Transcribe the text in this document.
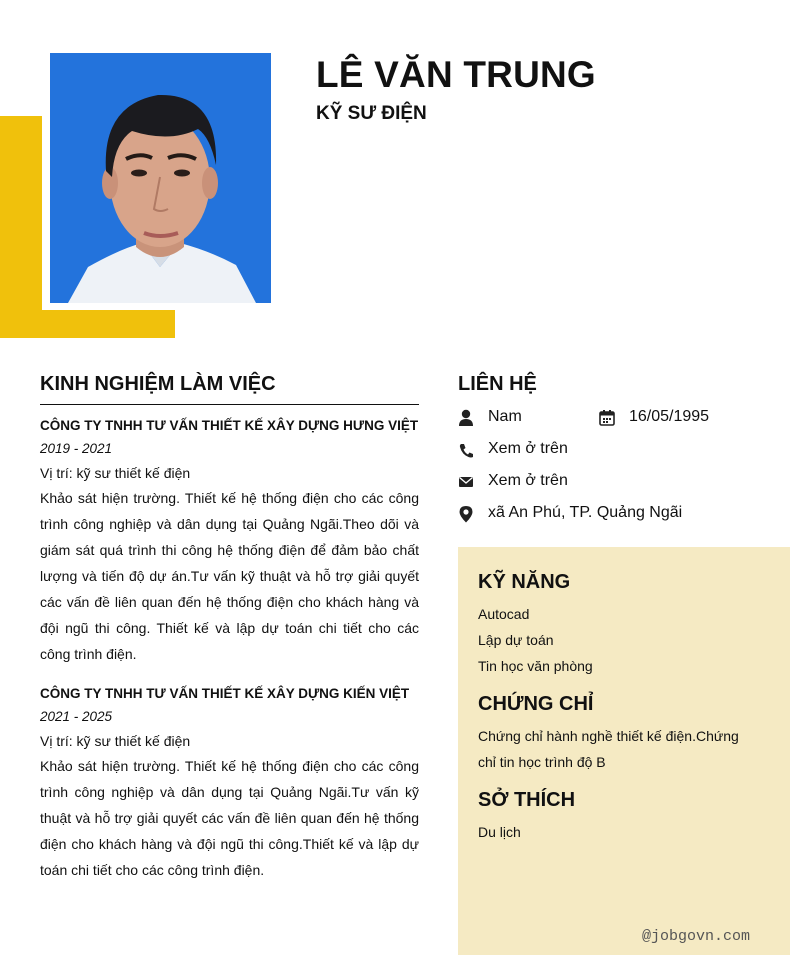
LÊ VĂN TRUNG
KỸ SƯ ĐIỆN
KINH NGHIỆM LÀM VIỆC
CÔNG TY TNHH TƯ VẤN THIẾT KẾ XÂY DỰNG HƯNG VIỆT
2019 - 2021
Vị trí: kỹ sư thiết kế điện
Khảo sát hiện trường. Thiết kế hệ thống điện cho các công trình công nghiệp và dân dụng tại Quảng Ngãi.Theo dõi và giám sát quá trình thi công hệ thống điện để đảm bảo chất lượng và tiến độ dự án.Tư vấn kỹ thuật và hỗ trợ giải quyết các vấn đề liên quan đến hệ thống điện cho khách hàng và đội ngũ thi công. Thiết kế và lập dự toán chi tiết cho các công trình điện.
CÔNG TY TNHH TƯ VẤN THIẾT KẾ XÂY DỰNG KIẾN VIỆT
2021 - 2025
Vị trí: kỹ sư thiết kế điện
Khảo sát hiện trường. Thiết kế hệ thống điện cho các công trình công nghiệp và dân dụng tại Quảng Ngãi.Tư vấn kỹ thuật và hỗ trợ giải quyết các vấn đề liên quan đến hệ thống điện cho khách hàng và đội ngũ thi công.Thiết kế và lập dự toán chi tiết cho các công trình điện.
LIÊN HỆ
Nam	16/05/1995
Xem ở trên
Xem ở trên
xã An Phú, TP. Quảng Ngãi
KỸ NĂNG
Autocad
Lập dự toán
Tin học văn phòng
CHỨNG CHỈ
Chứng chỉ hành nghề thiết kế điện.Chứng chỉ tin học trình độ B
SỞ THÍCH
Du lịch
@jobgovn.com
